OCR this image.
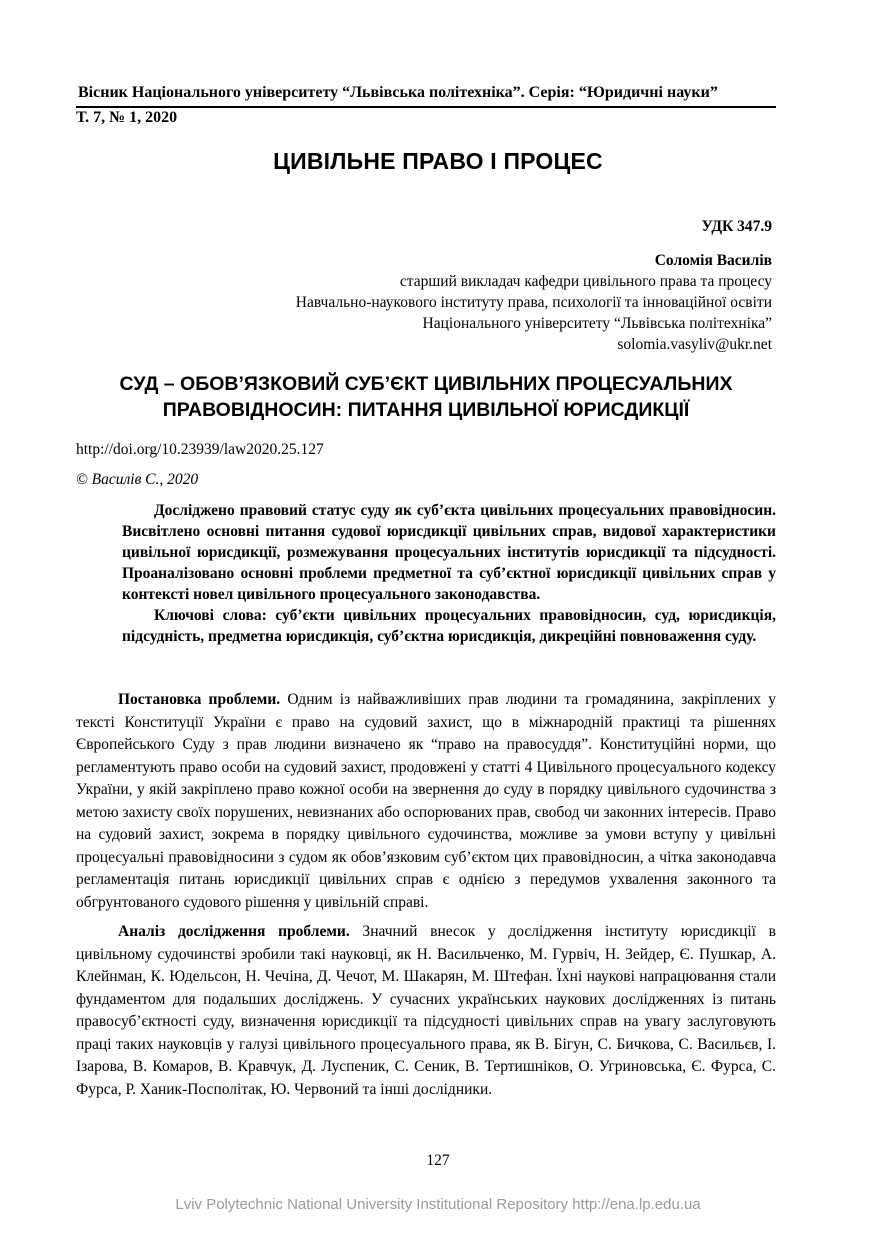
Вісник Національного університету “Львівська політехніка”. Серія: “Юридичні науки”
Т. 7, № 1, 2020
ЦИВІЛЬНЕ ПРАВО І ПРОЦЕС
УДК 347.9
Соломія Василів
старший викладач кафедри цивільного права та процесу
Навчально-наукового інституту права, психології та інноваційної освіти
Національного університету “Львівська політехніка”
solomia.vasyliv@ukr.net
СУД – ОБОВ’ЯЗКОВИЙ СУБ’ЄКТ ЦИВІЛЬНИХ ПРОЦЕСУАЛЬНИХ
ПРАВОВІДНОСИН: ПИТАННЯ ЦИВІЛЬНОЇ ЮРИСДИКЦІЇ
http://doi.org/10.23939/law2020.25.127
© Василів С., 2020

Досліджено правовий статус суду як субʼєкта цивільних процесуальних правовідносин. Висвітлено основні питання судової юрисдикції цивільних справ, видової характеристики цивільної юрисдикції, розмежування процесуальних інститутів юрисдикції та підсудності. Проаналізовано основні проблеми предметної та субʼєктної юрисдикції цивільних справ у контексті новел цивільного процесуального законодавства.

Ключові слова: субʼєкти цивільних процесуальних правовідносин, суд, юрисдикція, підсудність, предметна юрисдикція, субʼєктна юрисдикція, дикреційні повноваження суду.

Постановка проблеми. Одним із найважливіших прав людини та громадянина, закріплених у тексті Конституції України є право на судовий захист, що в міжнародній практиці та рішеннях Європейського Суду з прав людини визначено як “право на правосуддя”. Конституційні норми, що регламентують право особи на судовий захист, продовжені у статті 4 Цивільного процесуального кодексу України, у якій закріплено право кожної особи на звернення до суду в порядку цивільного судочинства з метою захисту своїх порушених, невизнаних або оспорюваних прав, свобод чи законних інтересів. Право на судовий захист, зокрема в порядку цивільного судочинства, можливе за умови вступу у цивільні процесуальні правовідносини з судом як обовʼязковим субʼєктом цих правовідносин, а чітка законодавча регламентація питань юрисдикції цивільних справ є однією з передумов ухвалення законного та обгрунтованого судового рішення у цивільній справі.

Аналіз дослідження проблеми. Значний внесок у дослідження інституту юрисдикції в цивільному судочинстві зробили такі науковці, як Н. Васильченко, М. Гурвіч, Н. Зейдер, Є. Пушкар, А. Клейнман, К. Юдельсон, Н. Чечіна, Д. Чечот, М. Шакарян, М. Штефан. Їхні наукові напрацювання стали фундаментом для подальших досліджень. У сучасних українських наукових дослідженнях із питань правосубʼєктності суду, визначення юрисдикції та підсудності цивільних справ на увагу заслуговують праці таких науковців у галузі цивільного процесуального права, як В. Бігун, С. Бичкова, С. Васильєв, І. Ізарова, В. Комаров, В. Кравчук, Д. Луспеник, С. Сеник, В. Тертишніков, О. Угриновська, Є. Фурса, С. Фурса, Р. Ханик-Посполітак, Ю. Червоний та інші дослідники.

127
Lviv Polytechnic National University Institutional Repository http://ena.lp.edu.ua
